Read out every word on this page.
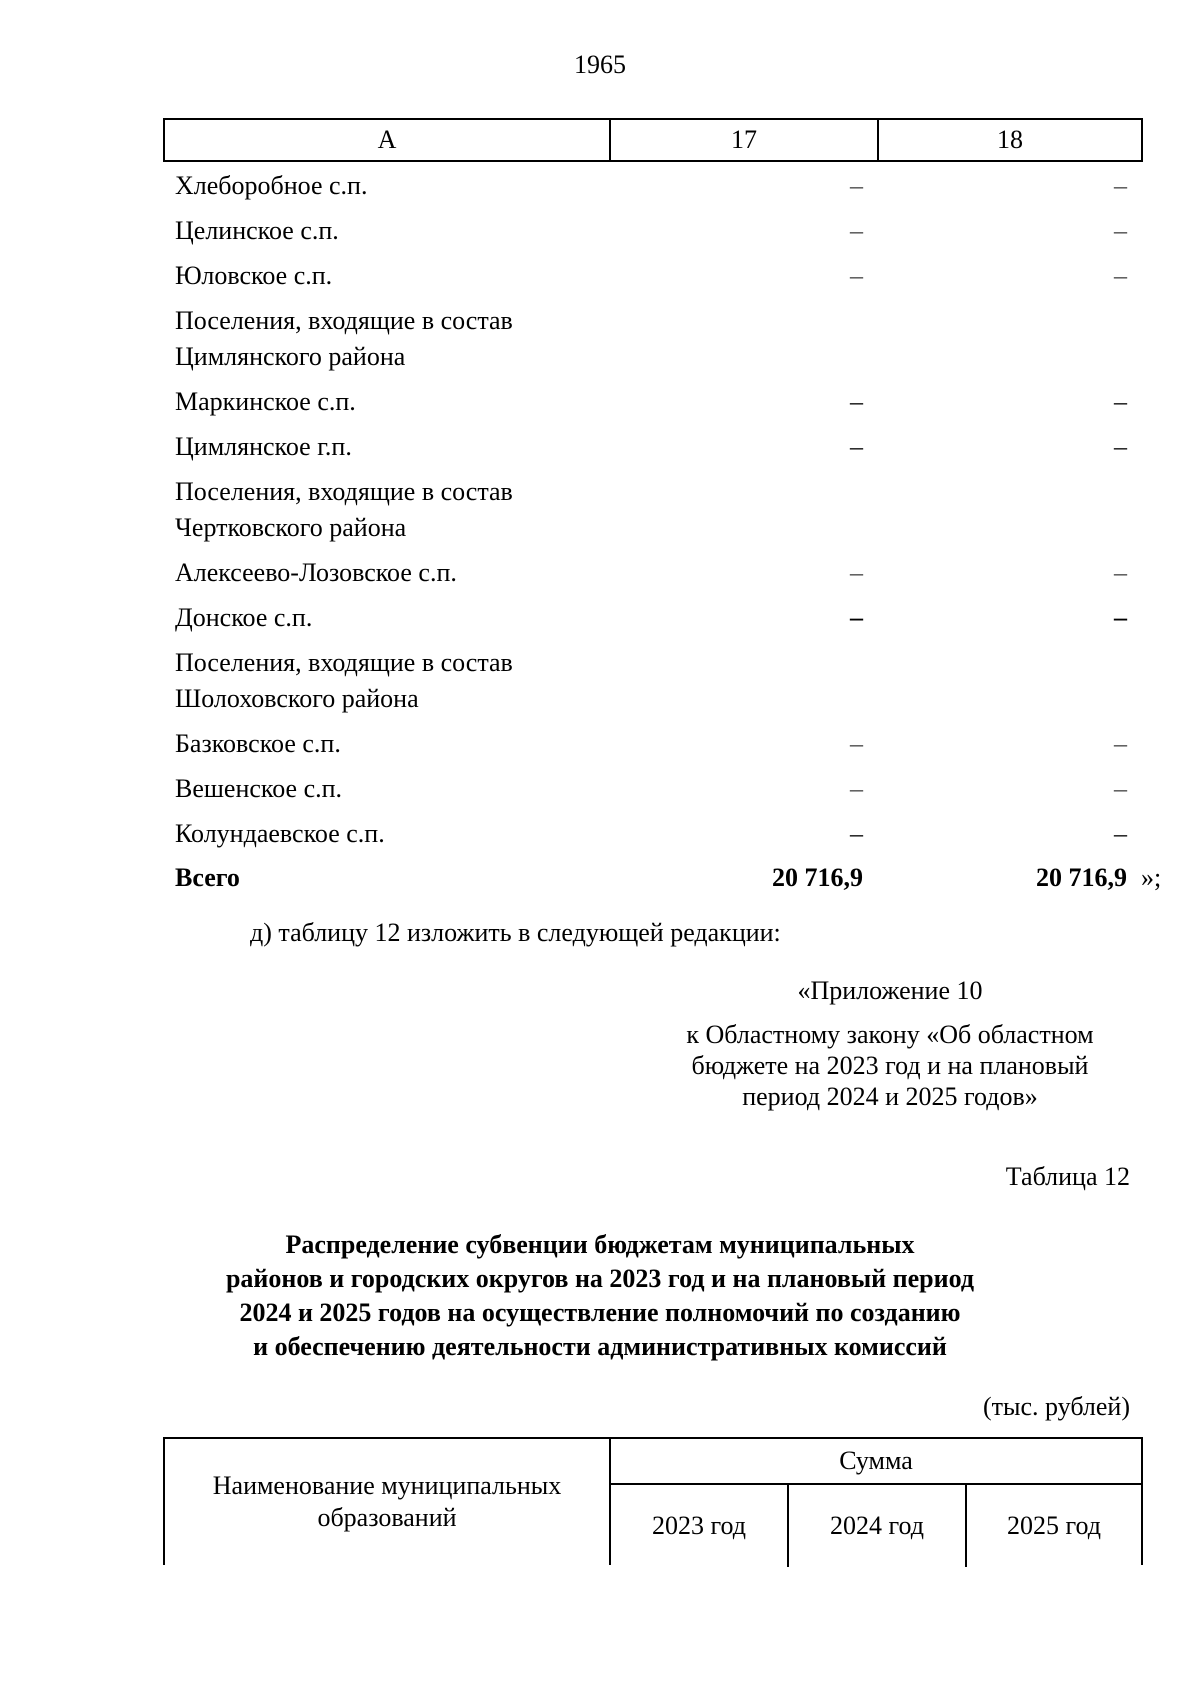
1965
А	17	18
Хлеборобное с.п.	–	–
Целинское с.п.	–	–
Юловское с.п.	–	–
Поселения, входящие в состав
Цимлянского района
Маркинское с.п.	–	–
Цимлянское г.п.	–	–
Поселения, входящие в состав
Чертковского района
Алексеево-Лозовское с.п.	–	–
Донское с.п.	–	–
Поселения, входящие в состав
Шолоховского района
Базковское с.п.	–	–
Вешенское с.п.	–	–
Колундаевское с.п.	–	–
Всего	20 716,9	20 716,9 »;
д) таблицу 12 изложить в следующей редакции:
«Приложение 10
к Областному закону «Об областном
бюджете на 2023 год и на плановый
период 2024 и 2025 годов»
Таблица 12
Распределение субвенции бюджетам муниципальных
районов и городских округов на 2023 год и на плановый период
2024 и 2025 годов на осуществление полномочий по созданию
и обеспечению деятельности административных комиссий
(тыс. рублей)
Наименование муниципальных
образований
Сумма
2023 год	2024 год	2025 год
